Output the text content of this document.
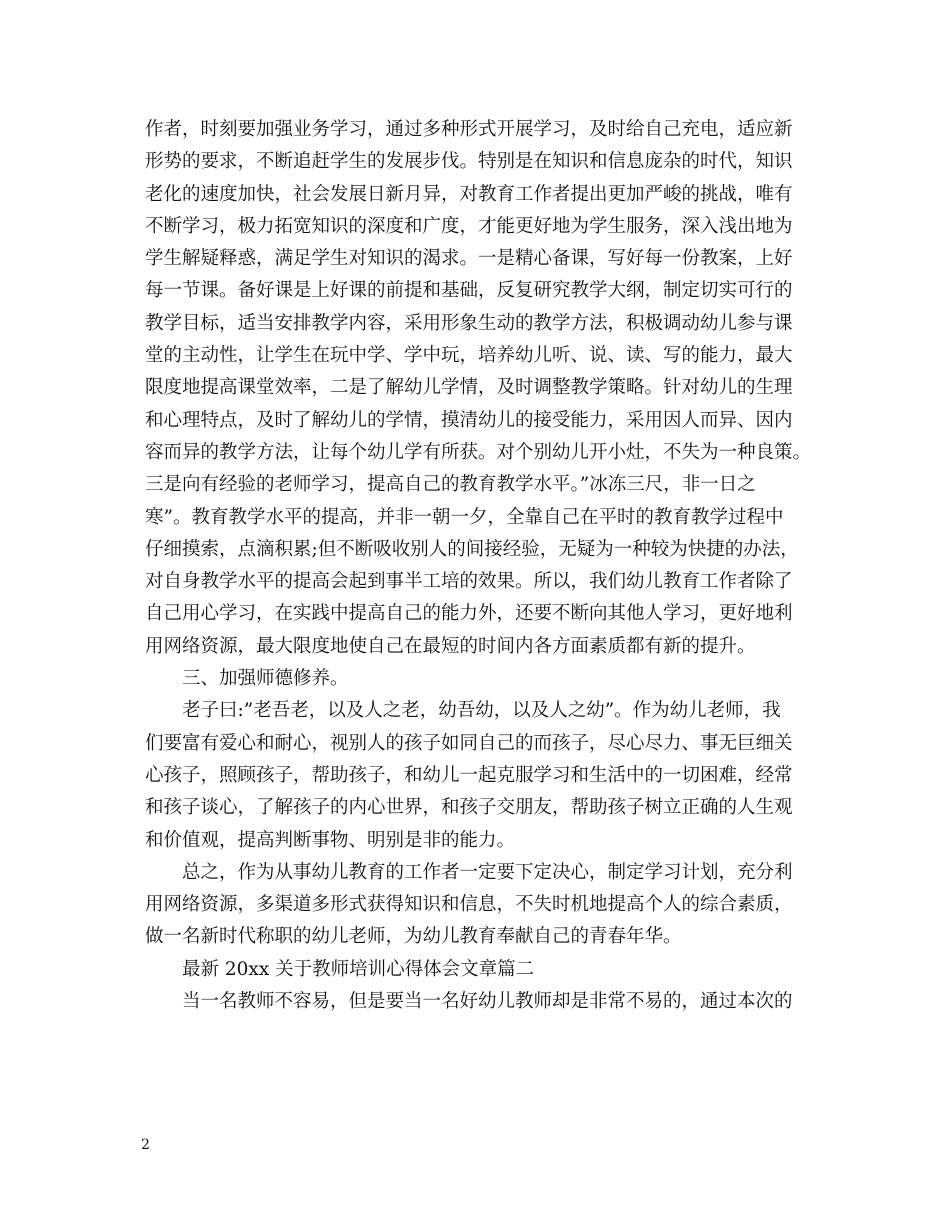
作者，时刻要加强业务学习，通过多种形式开展学习，及时给自己充电，适应新
形势的要求，不断追赶学生的发展步伐。特别是在知识和信息庞杂的时代，知识
老化的速度加快，社会发展日新月异，对教育工作者提出更加严峻的挑战，唯有
不断学习，极力拓宽知识的深度和广度，才能更好地为学生服务，深入浅出地为
学生解疑释惑，满足学生对知识的渴求。一是精心备课，写好每一份教案，上好
每一节课。备好课是上好课的前提和基础，反复研究教学大纲，制定切实可行的
教学目标，适当安排教学内容，采用形象生动的教学方法，积极调动幼儿参与课
堂的主动性，让学生在玩中学、学中玩，培养幼儿听、说、读、写的能力，最大
限度地提高课堂效率，二是了解幼儿学情，及时调整教学策略。针对幼儿的生理
和心理特点，及时了解幼儿的学情，摸清幼儿的接受能力，采用因人而异、因内
容而异的教学方法，让每个幼儿学有所获。对个别幼儿开小灶，不失为一种良策。
三是向有经验的老师学习，提高自己的教育教学水平。”冰冻三尺，非一日之
寒”。教育教学水平的提高，并非一朝一夕，全靠自己在平时的教育教学过程中
仔细摸索，点滴积累;但不断吸收别人的间接经验，无疑为一种较为快捷的办法，
对自身教学水平的提高会起到事半工培的效果。所以，我们幼儿教育工作者除了
自己用心学习，在实践中提高自己的能力外，还要不断向其他人学习，更好地利
用网络资源，最大限度地使自己在最短的时间内各方面素质都有新的提升。
三、加强师德修养。
老子曰:”老吾老，以及人之老，幼吾幼，以及人之幼”。作为幼儿老师，我
们要富有爱心和耐心，视别人的孩子如同自己的而孩子，尽心尽力、事无巨细关
心孩子，照顾孩子，帮助孩子，和幼儿一起克服学习和生活中的一切困难，经常
和孩子谈心，了解孩子的内心世界，和孩子交朋友，帮助孩子树立正确的人生观
和价值观，提高判断事物、明别是非的能力。
总之，作为从事幼儿教育的工作者一定要下定决心，制定学习计划，充分利
用网络资源，多渠道多形式获得知识和信息，不失时机地提高个人的综合素质，
做一名新时代称职的幼儿老师，为幼儿教育奉献自己的青春年华。
最新 20xx 关于教师培训心得体会文章篇二
当一名教师不容易，但是要当一名好幼儿教师却是非常不易的，通过本次的
2
